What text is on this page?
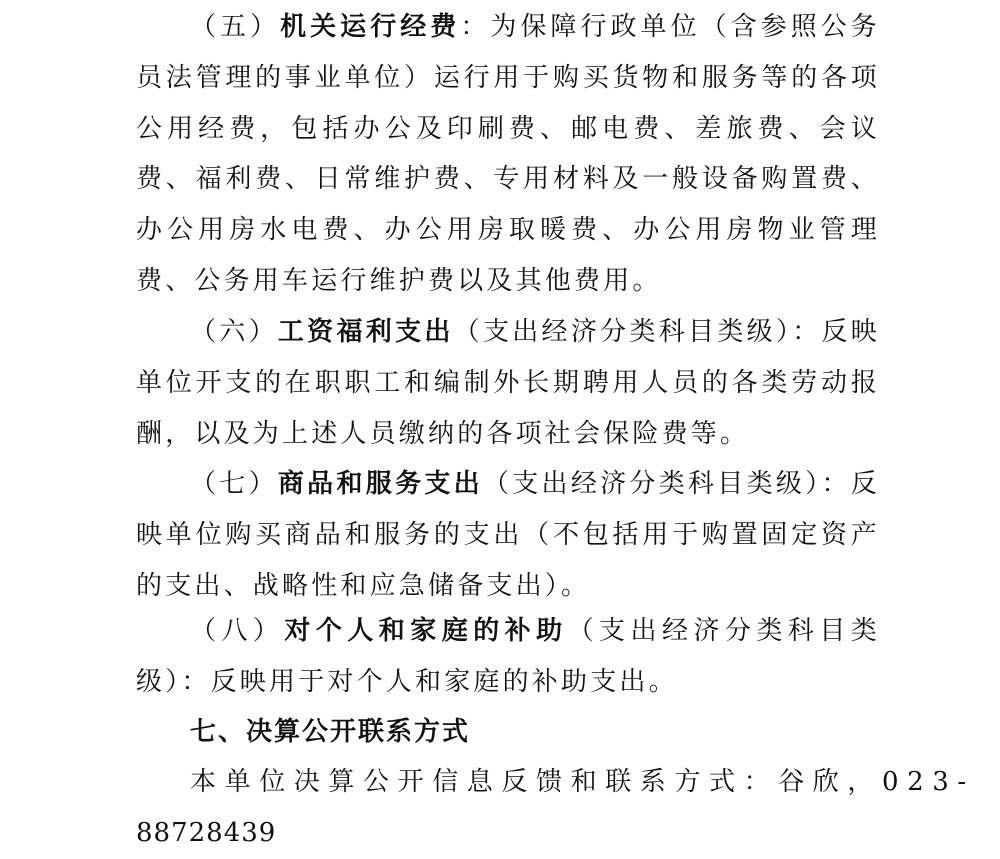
（五）机关运行经费：为保障行政单位（含参照公务员法管理的事业单位）运行用于购买货物和服务等的各项公用经费，包括办公及印刷费、邮电费、差旅费、会议费、福利费、日常维护费、专用材料及一般设备购置费、办公用房水电费、办公用房取暖费、办公用房物业管理费、公务用车运行维护费以及其他费用。
（六）工资福利支出（支出经济分类科目类级）：反映单位开支的在职职工和编制外长期聘用人员的各类劳动报酬，以及为上述人员缴纳的各项社会保险费等。
（七）商品和服务支出（支出经济分类科目类级）：反映单位购买商品和服务的支出（不包括用于购置固定资产的支出、战略性和应急储备支出）。
（八）对个人和家庭的补助（支出经济分类科目类级）：反映用于对个人和家庭的补助支出。
七、决算公开联系方式
本单位决算公开信息反馈和联系方式：谷欣，023-
88728439
